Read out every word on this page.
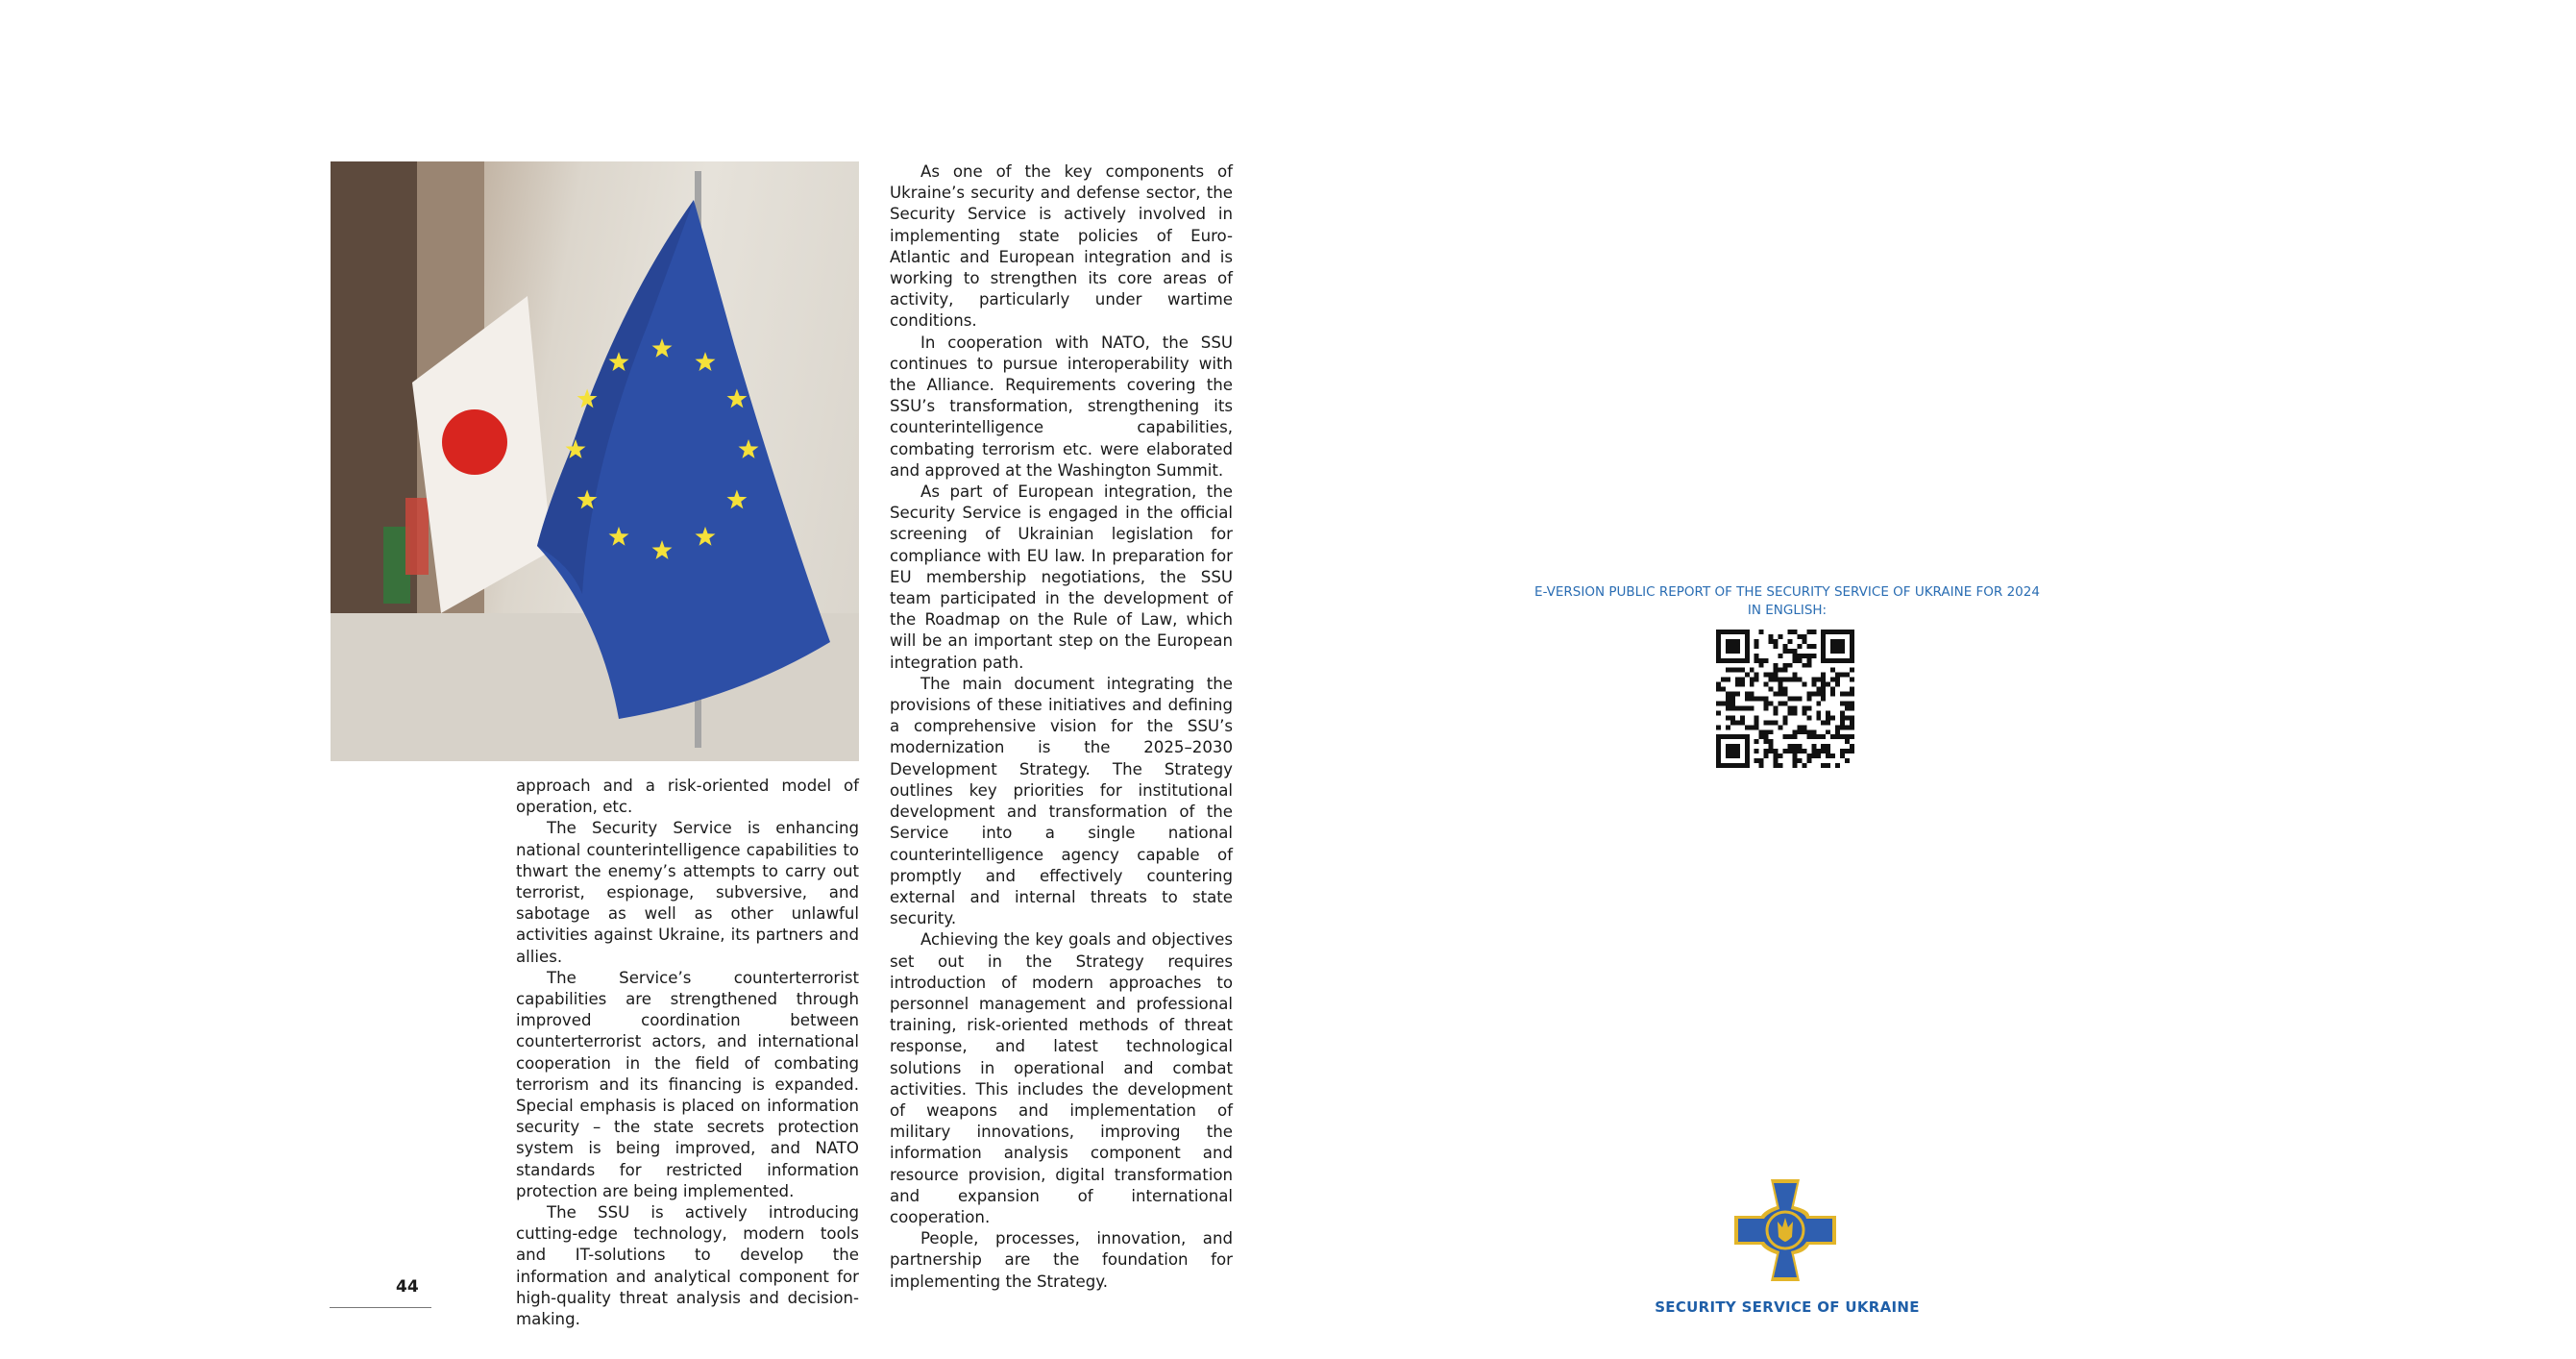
approach and a risk-oriented model of operation, etc.

The Security Service is enhancing national counterintelligence capabilities to thwart the enemy’s attempts to carry out terrorist, espionage, subversive, and sabotage as well as other unlawful activities against Ukraine, its partners and allies.

The Service’s counterterrorist capabilities are strengthened through improved coordination between counterterrorist actors, and international cooperation in the field of combating terrorism and its financing is expanded. Special emphasis is placed on information security – the state secrets protection system is being improved, and NATO standards for restricted information protection are being implemented.

The SSU is actively introducing cutting-edge technology, modern tools and IT-solutions to develop the information and analytical component for high-quality threat analysis and decision-making.

As one of the key components of Ukraine’s security and defense sector, the Security Service is actively involved in implementing state policies of Euro-Atlantic and European integration and is working to strengthen its core areas of activity, particularly under wartime conditions.

In cooperation with NATO, the SSU continues to pursue interoperability with the Alliance. Requirements covering the SSU’s transformation, strengthening its counterintelligence capabilities, combating terrorism etc. were elaborated and approved at the Washington Summit.

As part of European integration, the Security Service is engaged in the official screening of Ukrainian legislation for compliance with EU law. In preparation for EU membership negotiations, the SSU team participated in the development of the Roadmap on the Rule of Law, which will be an important step on the European integration path.

The main document integrating the provisions of these initiatives and defining a comprehensive vision for the SSU’s modernization is the 2025–2030 Development Strategy. The Strategy outlines key priorities for institutional development and transformation of the Service into a single national counterintelligence agency capable of promptly and effectively countering external and internal threats to state security.

Achieving the key goals and objectives set out in the Strategy requires introduction of modern approaches to personnel management and professional training, risk-oriented methods of threat response, and latest technological solutions in operational and combat activities. This includes the development of weapons and implementation of military innovations, improving the information analysis component and resource provision, digital transformation and expansion of international cooperation.

People, processes, innovation, and partnership are the foundation for implementing the Strategy.

44
E-VERSION PUBLIC REPORT OF THE SECURITY SERVICE OF UKRAINE FOR 2024
IN ENGLISH:
SECURITY SERVICE OF UKRAINE
